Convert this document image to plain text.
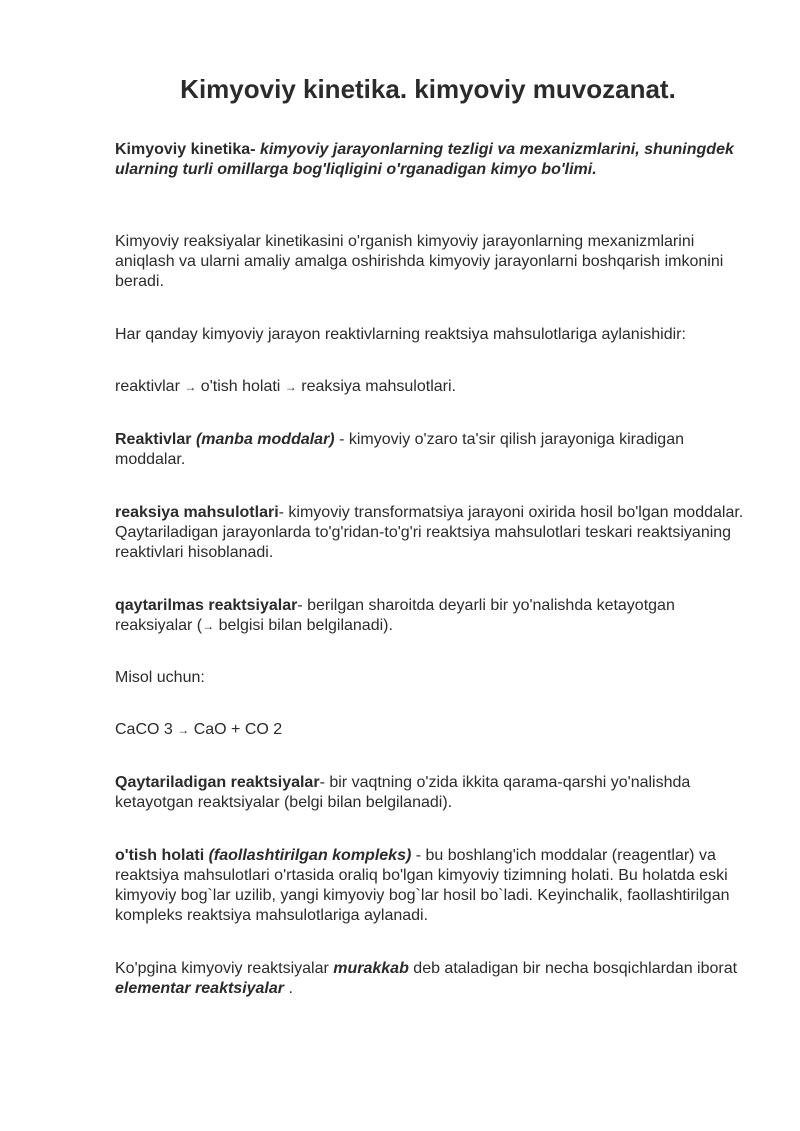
Kimyoviy kinetika. kimyoviy muvozanat.

Kimyoviy kinetika- kimyoviy jarayonlarning tezligi va mexanizmlarini, shuningdek ularning turli omillarga bog'liqligini o'rganadigan kimyo bo'limi.

Kimyoviy reaksiyalar kinetikasini o'rganish kimyoviy jarayonlarning mexanizmlarini aniqlash va ularni amaliy amalga oshirishda kimyoviy jarayonlarni boshqarish imkonini beradi.

Har qanday kimyoviy jarayon reaktivlarning reaktsiya mahsulotlariga aylanishidir:

reaktivlar → o'tish holati → reaksiya mahsulotlari.

Reaktivlar (manba moddalar) - kimyoviy o'zaro ta'sir qilish jarayoniga kiradigan moddalar.

reaksiya mahsulotlari- kimyoviy transformatsiya jarayoni oxirida hosil bo'lgan moddalar. Qaytariladigan jarayonlarda to'g'ridan-to'g'ri reaktsiya mahsulotlari teskari reaktsiyaning reaktivlari hisoblanadi.

qaytarilmas reaktsiyalar- berilgan sharoitda deyarli bir yo'nalishda ketayotgan reaksiyalar (→ belgisi bilan belgilanadi).

Misol uchun:

CaCO 3 → CaO + CO 2

Qaytariladigan reaktsiyalar- bir vaqtning o'zida ikkita qarama-qarshi yo'nalishda ketayotgan reaktsiyalar (belgi bilan belgilanadi).

o'tish holati (faollashtirilgan kompleks) - bu boshlang'ich moddalar (reagentlar) va reaktsiya mahsulotlari o'rtasida oraliq bo'lgan kimyoviy tizimning holati. Bu holatda eski kimyoviy bog`lar uzilib, yangi kimyoviy bog`lar hosil bo`ladi. Keyinchalik, faollashtirilgan kompleks reaktsiya mahsulotlariga aylanadi.

Ko'pgina kimyoviy reaktsiyalar murakkab deb ataladigan bir necha bosqichlardan iborat elementar reaktsiyalar .
